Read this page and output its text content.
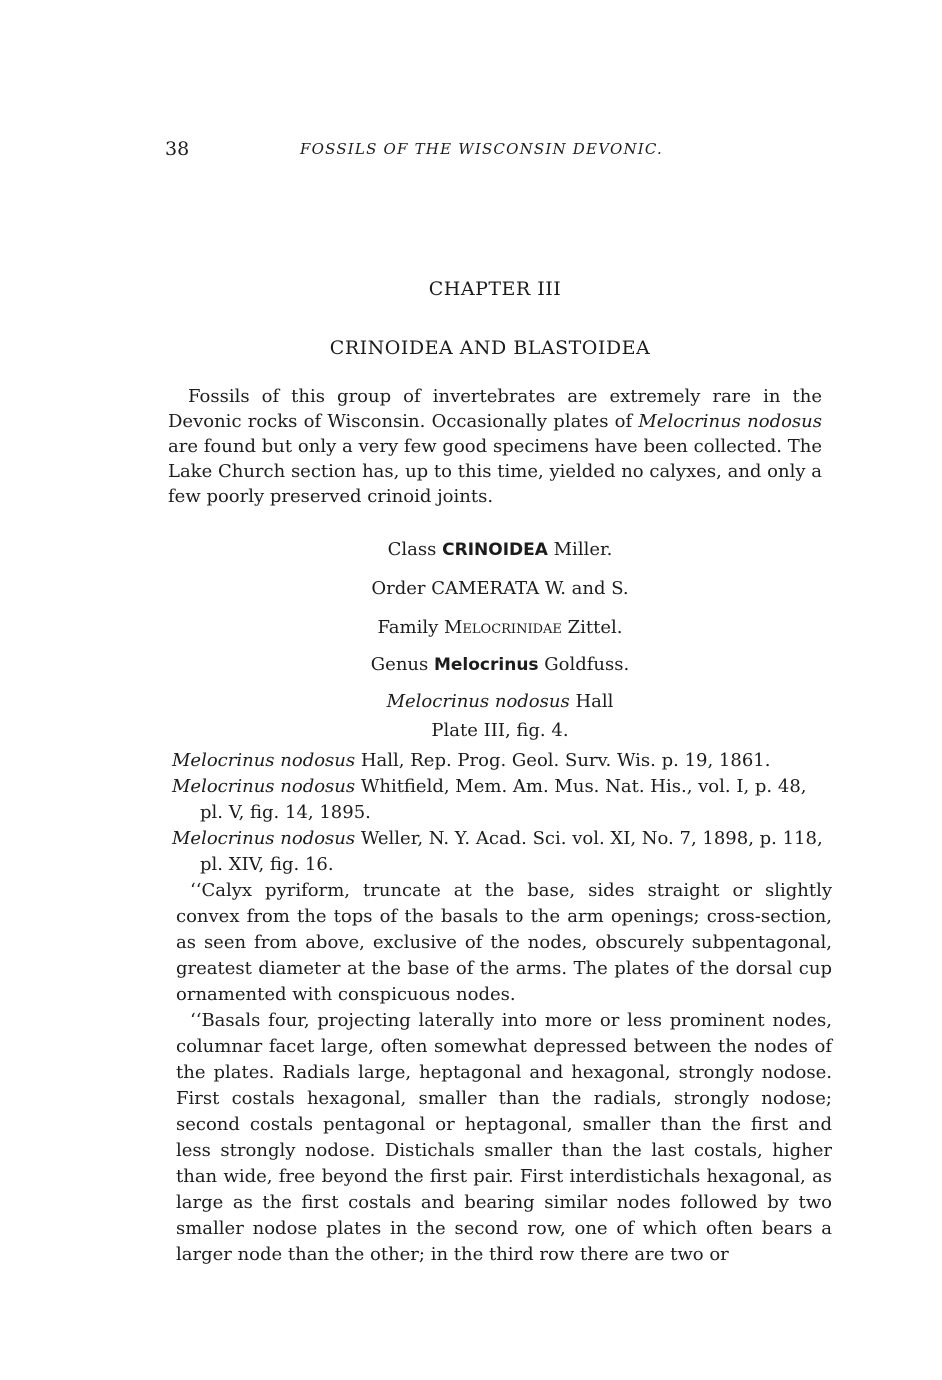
38	FOSSILS OF THE WISCONSIN DEVONIC.
CHAPTER III
CRINOIDEA AND BLASTOIDEA

Fossils of this group of invertebrates are extremely rare in the Devonic rocks of Wisconsin. Occasionally plates of Melocrinus nodosus are found but only a very few good specimens have been collected. The Lake Church section has, up to this time, yielded no calyxes, and only a few poorly preserved crinoid joints.

Class CRINOIDEA Miller.
Order CAMERATA W. and S.
Family Melocrinidae Zittel.
Genus Melocrinus Goldfuss.
Melocrinus nodosus Hall
Plate III, fig. 4.

Melocrinus nodosus Hall, Rep. Prog. Geol. Surv. Wis. p. 19, 1861.

Melocrinus nodosus Whitfield, Mem. Am. Mus. Nat. His., vol. I, p. 48, pl. V, fig. 14, 1895.

Melocrinus nodosus Weller, N. Y. Acad. Sci. vol. XI, No. 7, 1898, p. 118, pl. XIV, fig. 16.

‘‘Calyx pyriform, truncate at the base, sides straight or slightly convex from the tops of the basals to the arm openings; cross-section, as seen from above, exclusive of the nodes, obscurely subpentagonal, greatest diameter at the base of the arms. The plates of the dorsal cup ornamented with conspicuous nodes.

‘‘Basals four, projecting laterally into more or less prominent nodes, columnar facet large, often somewhat depressed between the nodes of the plates. Radials large, heptagonal and hexagonal, strongly nodose. First costals hexagonal, smaller than the radials, strongly nodose; second costals pentagonal or heptagonal, smaller than the first and less strongly nodose. Distichals smaller than the last costals, higher than wide, free beyond the first pair. First interdistichals hexagonal, as large as the first costals and bearing similar nodes followed by two smaller nodose plates in the second row, one of which often bears a larger node than the other; in the third row there are two or
